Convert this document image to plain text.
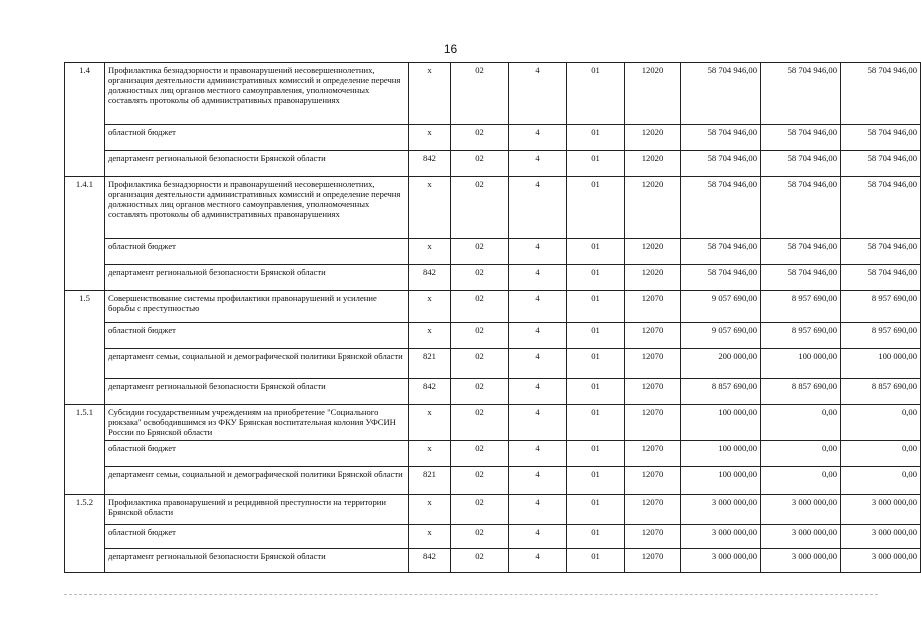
16
1.4	Профилактика безнадзорности и правонарушений несовершеннолетних, организация деятельности административных комиссий и определение перечня должностных лиц органов местного самоуправления, уполномоченных составлять протоколы об административных правонарушениях	x	02	4	01	12020	58 704 946,00	58 704 946,00	58 704 946,00
	областной бюджет	x	02	4	01	12020	58 704 946,00	58 704 946,00	58 704 946,00
	департамент региональной безопасности Брянской области	842	02	4	01	12020	58 704 946,00	58 704 946,00	58 704 946,00
1.4.1	Профилактика безнадзорности и правонарушений несовершеннолетних, организация деятельности административных комиссий и определение перечня должностных лиц органов местного самоуправления, уполномоченных составлять протоколы об административных правонарушениях	x	02	4	01	12020	58 704 946,00	58 704 946,00	58 704 946,00
	областной бюджет	x	02	4	01	12020	58 704 946,00	58 704 946,00	58 704 946,00
	департамент региональной безопасности Брянской области	842	02	4	01	12020	58 704 946,00	58 704 946,00	58 704 946,00
1.5	Совершенствование системы профилактики правонарушений и усиление борьбы с преступностью	x	02	4	01	12070	9 057 690,00	8 957 690,00	8 957 690,00
	областной бюджет	x	02	4	01	12070	9 057 690,00	8 957 690,00	8 957 690,00
	департамент семьи, социальной и демографической политики Брянской области	821	02	4	01	12070	200 000,00	100 000,00	100 000,00
	департамент региональной безопасности Брянской области	842	02	4	01	12070	8 857 690,00	8 857 690,00	8 857 690,00
1.5.1	Субсидии государственным учреждениям на приобретение "Социального рюкзака" освободившимся из ФКУ Брянская воспитательная колония УФСИН России по Брянской области	x	02	4	01	12070	100 000,00	0,00	0,00
	областной бюджет	x	02	4	01	12070	100 000,00	0,00	0,00
	департамент семьи, социальной и демографической политики Брянской области	821	02	4	01	12070	100 000,00	0,00	0,00
1.5.2	Профилактика правонарушений и рецидивной преступности на территории Брянской области	x	02	4	01	12070	3 000 000,00	3 000 000,00	3 000 000,00
	областной бюджет	x	02	4	01	12070	3 000 000,00	3 000 000,00	3 000 000,00
	департамент региональной безопасности Брянской области	842	02	4	01	12070	3 000 000,00	3 000 000,00	3 000 000,00
